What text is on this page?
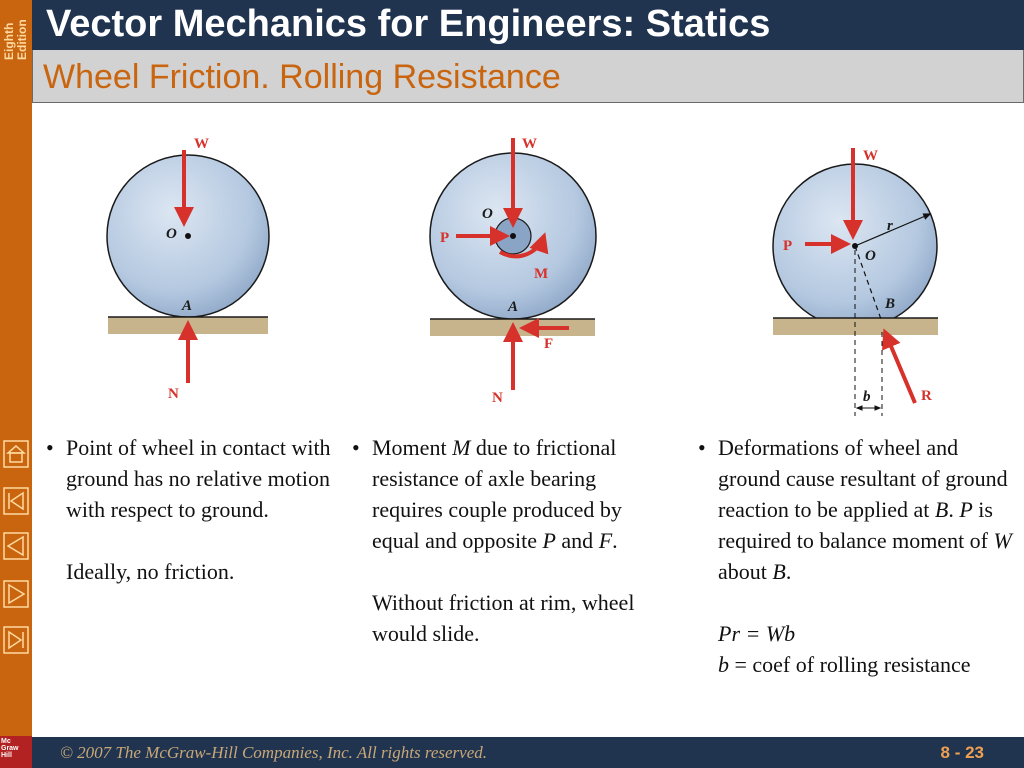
Eighth Edition
Mc
Graw
Hill
Vector Mechanics for Engineers: Statics
Wheel Friction. Rolling Resistance
W
O
A
N
W
O
P
M
A
F
N
W
P
O
r
B
b	R
• Point of wheel in contact with ground has no relative motion with respect to ground.

Ideally, no friction.

• Moment M due to frictional resistance of axle bearing requires couple produced by equal and opposite P and F.

Without friction at rim, wheel would slide.

• Deformations of wheel and ground cause resultant of ground reaction to be applied at B. P is required to balance moment of W about B.

Pr = Wb

b = coef of rolling resistance

© 2007 The McGraw-Hill Companies, Inc. All rights reserved.	8 - 23
